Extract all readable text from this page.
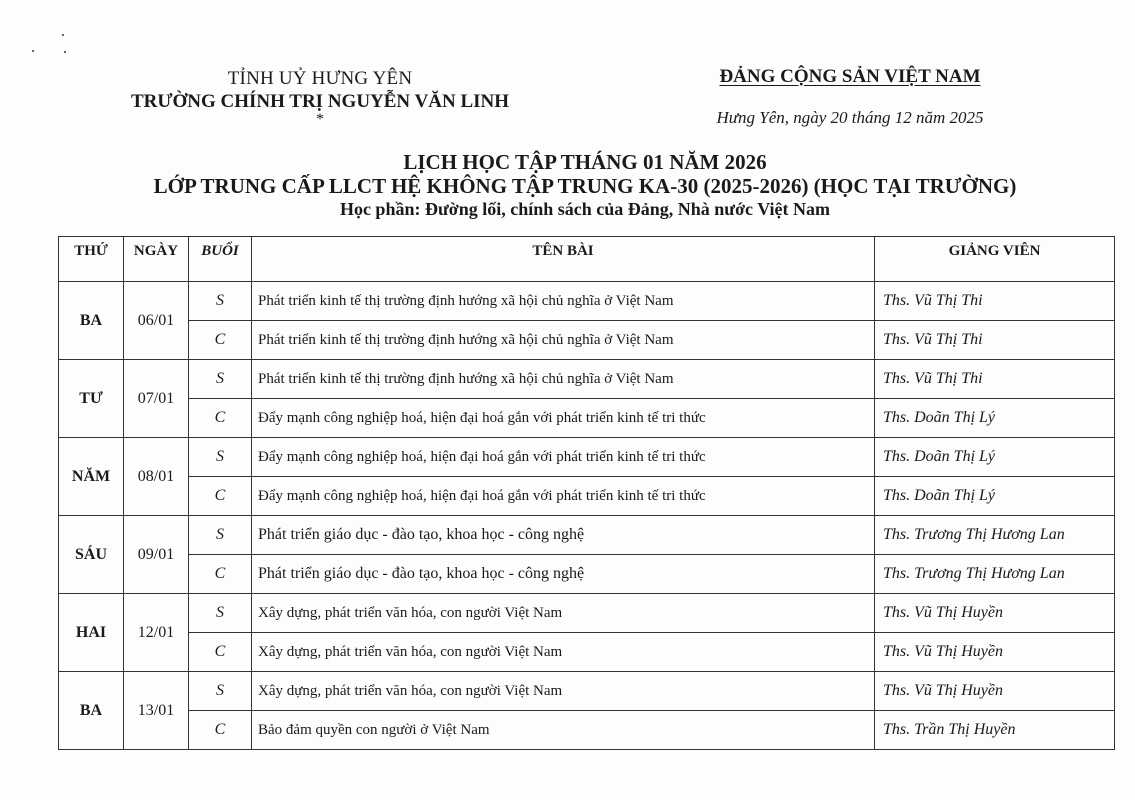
TỈNH UỶ HƯNG YÊN
TRƯỜNG CHÍNH TRỊ NGUYỄN VĂN LINH
*
ĐẢNG CỘNG SẢN VIỆT NAM
Hưng Yên, ngày 20 tháng 12 năm 2025
LỊCH HỌC TẬP THÁNG 01 NĂM 2026
LỚP TRUNG CẤP LLCT HỆ KHÔNG TẬP TRUNG KA-30 (2025-2026) (HỌC TẠI TRƯỜNG)
Học phần: Đường lối, chính sách của Đảng, Nhà nước Việt Nam
THỨ	NGÀY	BUỔI	TÊN BÀI	GIẢNG VIÊN
BA	06/01	S	Phát triển kinh tế thị trường định hướng xã hội chủ nghĩa ở Việt Nam	Ths. Vũ Thị Thi
		C	Phát triển kinh tế thị trường định hướng xã hội chủ nghĩa ở Việt Nam	Ths. Vũ Thị Thi
TƯ	07/01	S	Phát triển kinh tế thị trường định hướng xã hội chủ nghĩa ở Việt Nam	Ths. Vũ Thị Thi
		C	Đẩy mạnh công nghiệp hoá, hiện đại hoá gắn với phát triển kinh tế tri thức	Ths. Doãn Thị Lý
NĂM	08/01	S	Đẩy mạnh công nghiệp hoá, hiện đại hoá gắn với phát triển kinh tế tri thức	Ths. Doãn Thị Lý
		C	Đẩy mạnh công nghiệp hoá, hiện đại hoá gắn với phát triển kinh tế tri thức	Ths. Doãn Thị Lý
SÁU	09/01	S	Phát triển giáo dục - đào tạo, khoa học - công nghệ	Ths. Trương Thị Hương Lan
		C	Phát triển giáo dục - đào tạo, khoa học - công nghệ	Ths. Trương Thị Hương Lan
HAI	12/01	S	Xây dựng, phát triển văn hóa, con người Việt Nam	Ths. Vũ Thị Huyền
		C	Xây dựng, phát triển văn hóa, con người Việt Nam	Ths. Vũ Thị Huyền
BA	13/01	S	Xây dựng, phát triển văn hóa, con người Việt Nam	Ths. Vũ Thị Huyền
		C	Bảo đảm quyền con người ở Việt Nam	Ths. Trần Thị Huyền
